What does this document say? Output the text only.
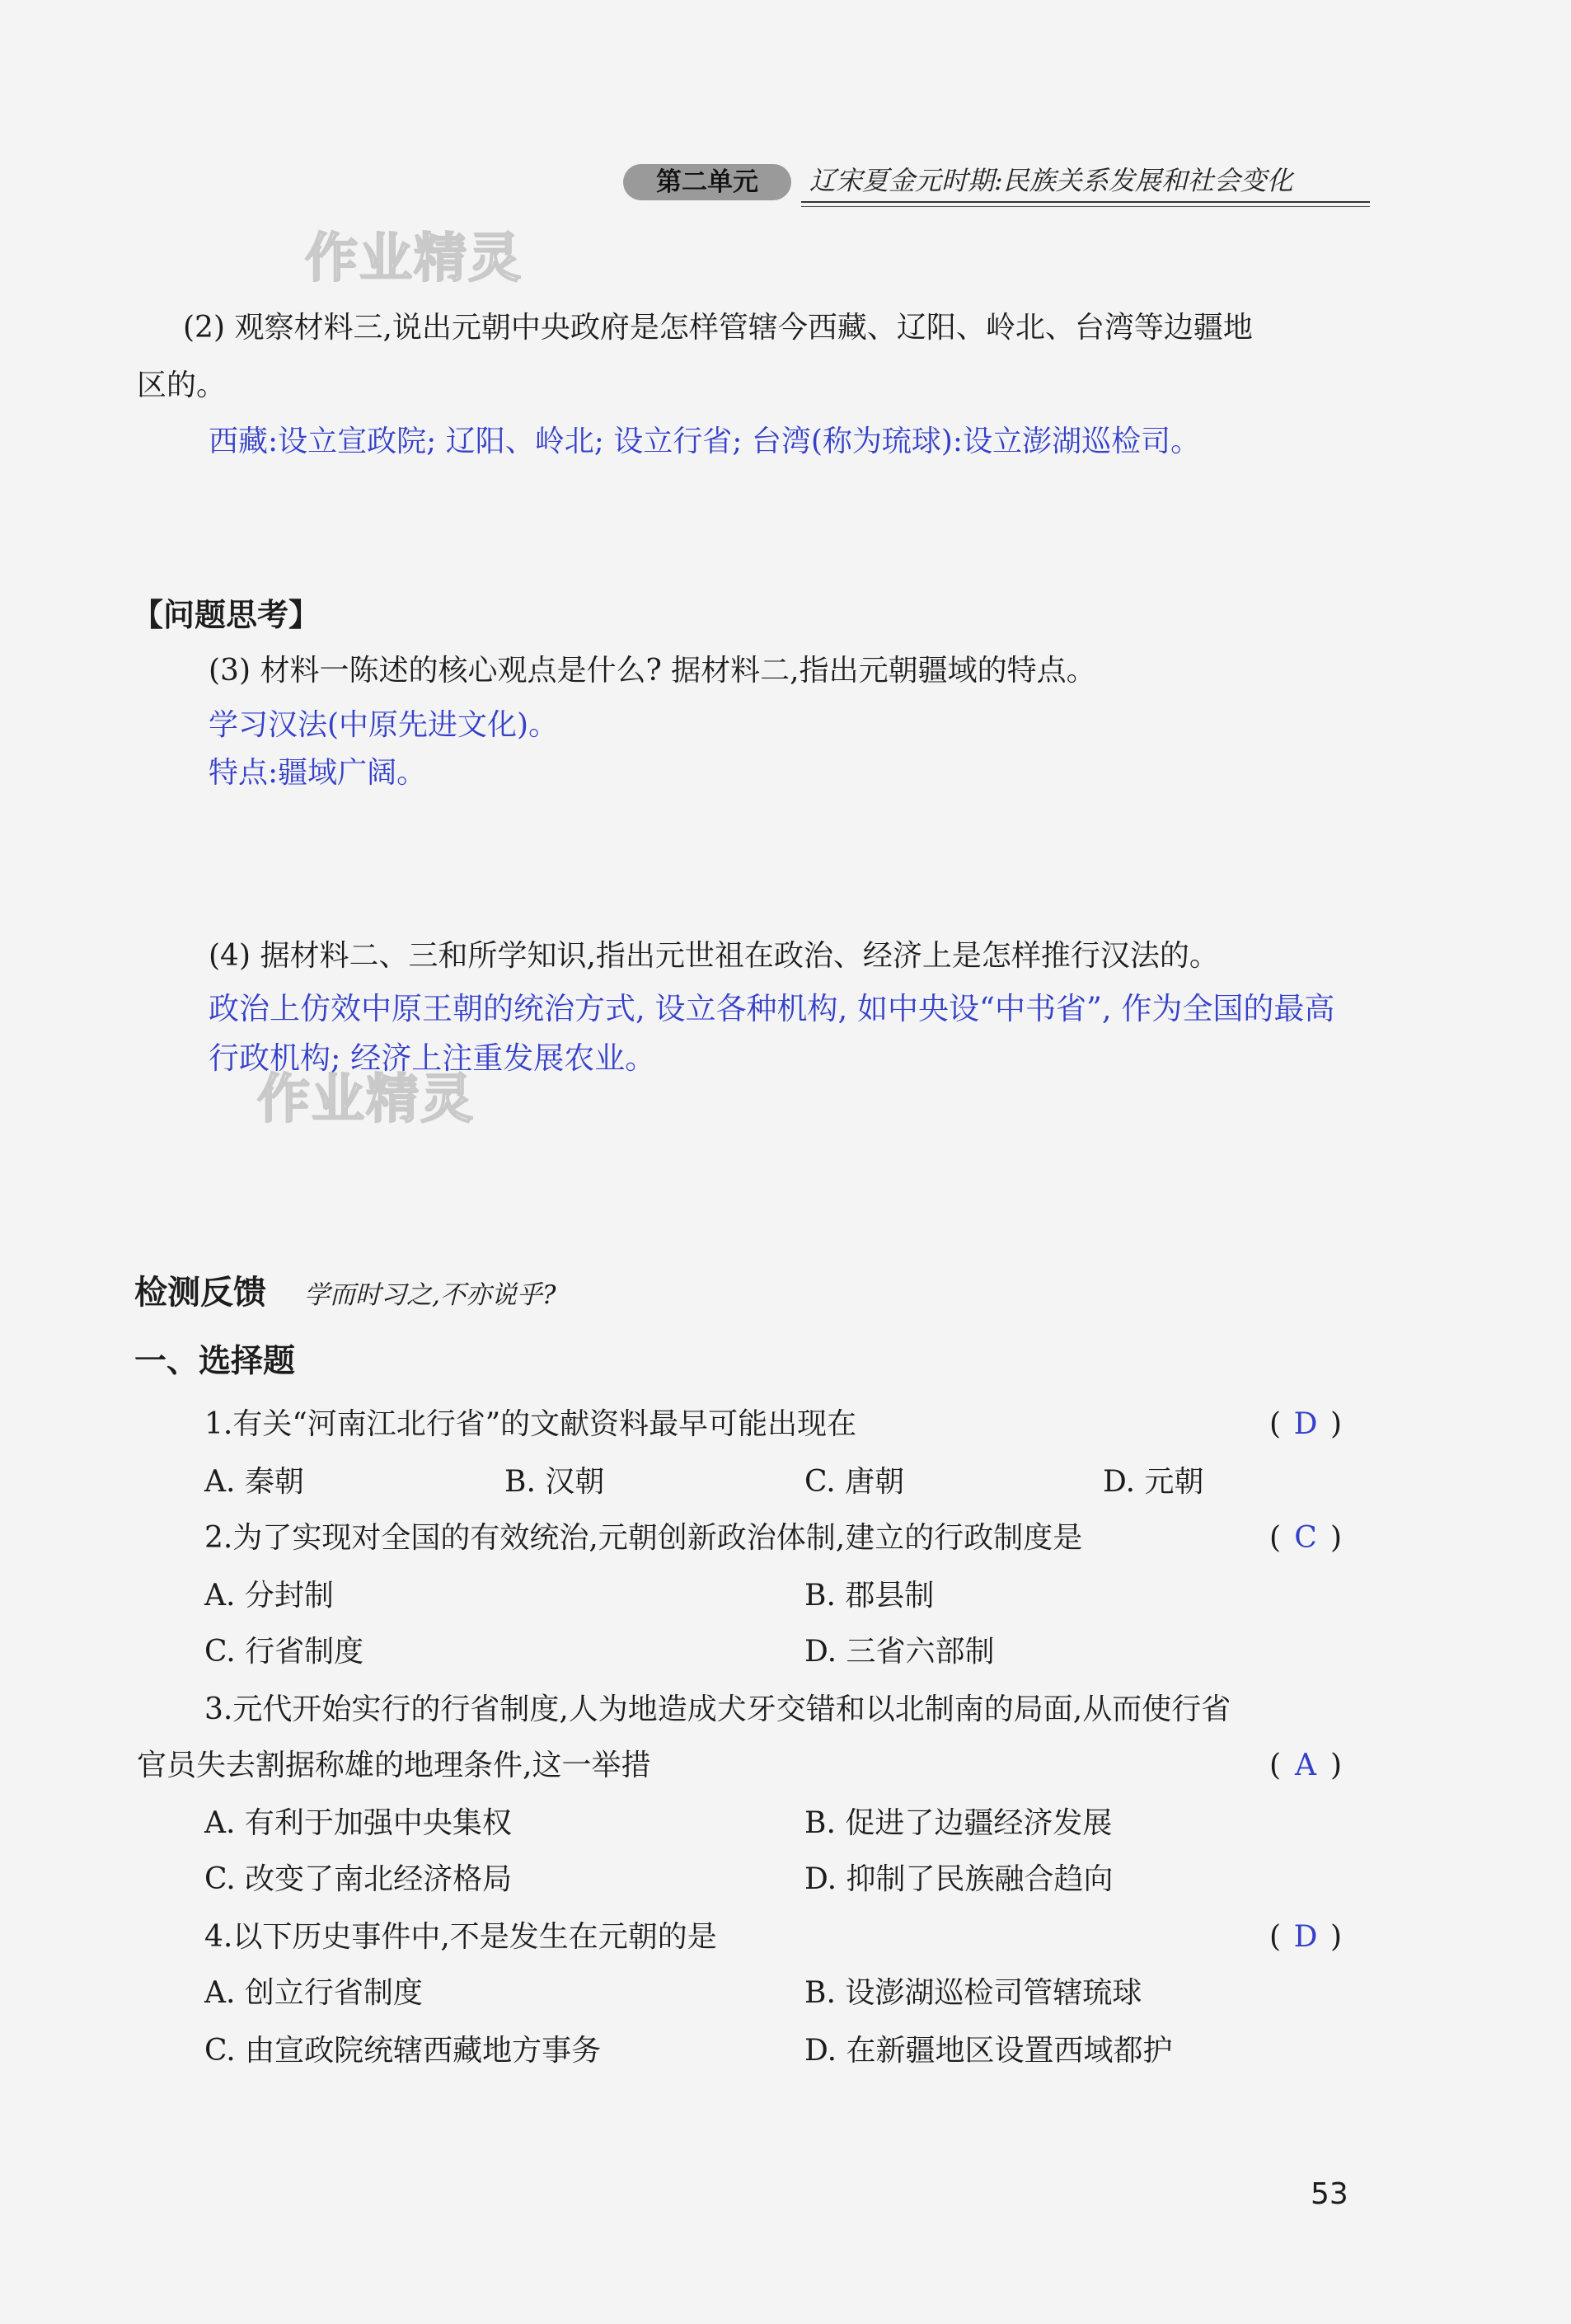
第二单元	辽宋夏金元时期:民族关系发展和社会变化
作业精灵
作业精灵
(2) 观察材料三,说出元朝中央政府是怎样管辖今西藏、辽阳、岭北、台湾等边疆地
区的。
西藏:设立宣政院; 辽阳、岭北; 设立行省; 台湾(称为琉球):设立澎湖巡检司。
【问题思考】
(3) 材料一陈述的核心观点是什么? 据材料二,指出元朝疆域的特点。
学习汉法(中原先进文化)。
特点:疆域广阔。
(4) 据材料二、三和所学知识,指出元世祖在政治、经济上是怎样推行汉法的。
政治上仿效中原王朝的统治方式, 设立各种机构, 如中央设“中书省”, 作为全国的最高
行政机构; 经济上注重发展农业。
检测反馈 学而时习之,不亦说乎?
一、选择题
1.有关“河南江北行省”的文献资料最早可能出现在	( D )
A. 秦朝	B. 汉朝	C. 唐朝	D. 元朝
2.为了实现对全国的有效统治,元朝创新政治体制,建立的行政制度是	( C )
A. 分封制	B. 郡县制
C. 行省制度	D. 三省六部制
3.元代开始实行的行省制度,人为地造成犬牙交错和以北制南的局面,从而使行省
官员失去割据称雄的地理条件,这一举措	( A )
A. 有利于加强中央集权	B. 促进了边疆经济发展
C. 改变了南北经济格局	D. 抑制了民族融合趋向
4.以下历史事件中,不是发生在元朝的是	( D )
A. 创立行省制度	B. 设澎湖巡检司管辖琉球
C. 由宣政院统辖西藏地方事务	D. 在新疆地区设置西域都护
53
